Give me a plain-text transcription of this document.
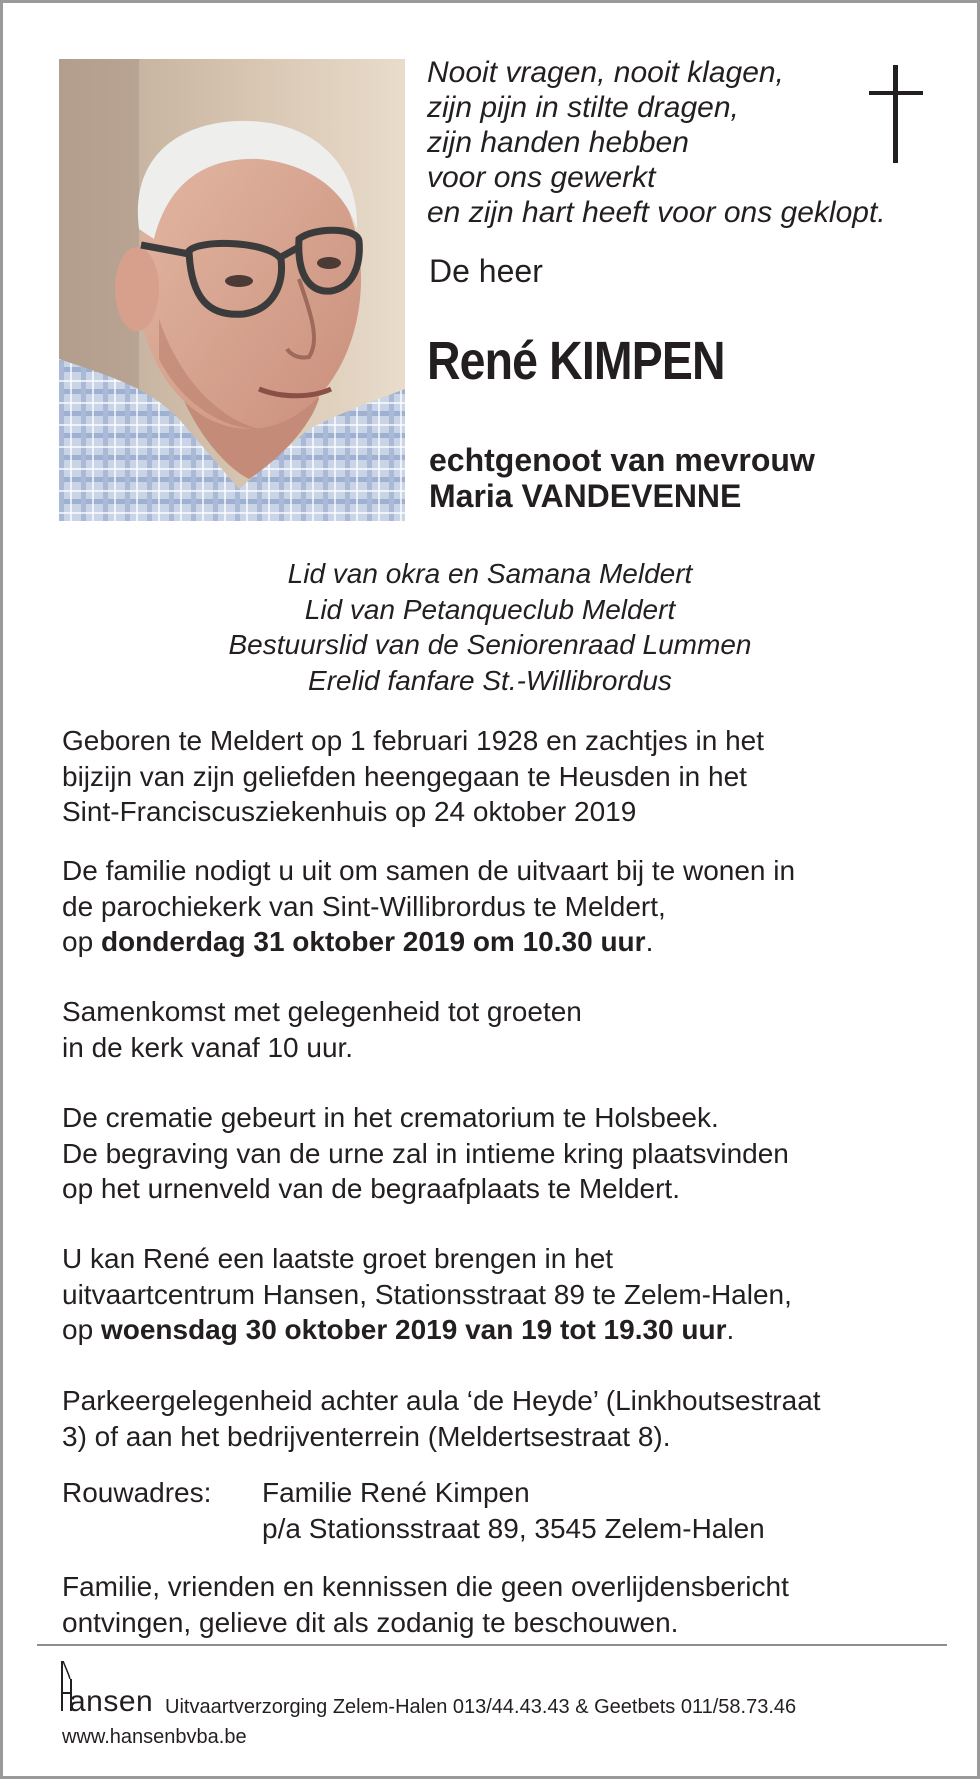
Nooit vragen, nooit klagen,
zijn pijn in stilte dragen,
zijn handen hebben
voor ons gewerkt
en zijn hart heeft voor ons geklopt.
De heer
René KIMPEN
echtgenoot van mevrouw
Maria VANDEVENNE
Lid van okra en Samana Meldert
Lid van Petanqueclub Meldert
Bestuurslid van de Seniorenraad Lummen
Erelid fanfare St.-Willibrordus
Geboren te Meldert op 1 februari 1928 en zachtjes in het
bijzijn van zijn geliefden heengegaan te Heusden in het
Sint-Franciscusziekenhuis op 24 oktober 2019
De familie nodigt u uit om samen de uitvaart bij te wonen in
de parochiekerk van Sint-Willibrordus te Meldert,
op donderdag 31 oktober 2019 om 10.30 uur.
Samenkomst met gelegenheid tot groeten
in de kerk vanaf 10 uur.
De crematie gebeurt in het crematorium te Holsbeek.
De begraving van de urne zal in intieme kring plaatsvinden
op het urnenveld van de begraafplaats te Meldert.
U kan René een laatste groet brengen in het
uitvaartcentrum Hansen, Stationsstraat 89 te Zelem-Halen,
op woensdag 30 oktober 2019 van 19 tot 19.30 uur.
Parkeergelegenheid achter aula ‘de Heyde’ (Linkhoutsestraat
3) of aan het bedrijventerrein (Meldertsestraat 8).
Rouwadres: Familie René Kimpen
p/a Stationsstraat 89, 3545 Zelem-Halen
Familie, vrienden en kennissen die geen overlijdensbericht
ontvingen, gelieve dit als zodanig te beschouwen.
ansen Uitvaartverzorging Zelem-Halen 013/44.43.43 & Geetbets 011/58.73.46
www.hansenbvba.be
